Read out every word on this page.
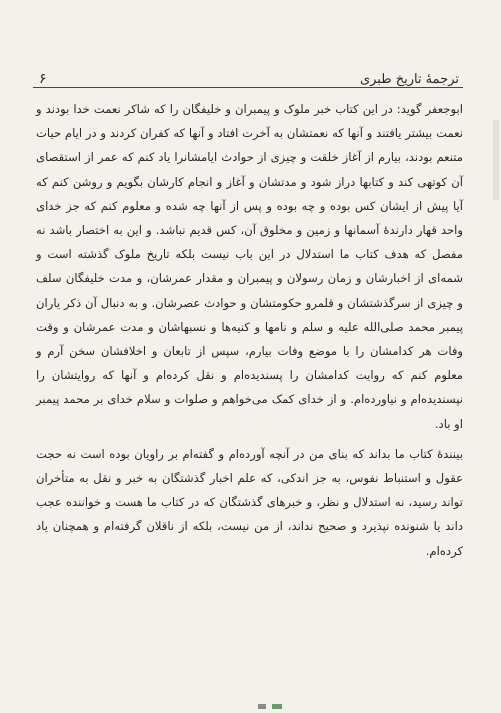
۶	ترجمهٔ تاریخ طبری

ابوجعفر گوید: در این کتاب خبر ملوک و پیمبران و خلیفگان را که شاکر نعمت خدا بودند و نعمت بیشتر یافتند و آنها که نعمتشان به آخرت افتاد و آنها که کفران کردند و در ایام حیات متنعم بودند، بیارم از آغاز خلقت و چیزی از حوادث ایامشانرا یاد کنم که عمر از استقصای آن کوتهی کند و کتابها دراز شود و مدتشان و آغاز و انجام کارشان بگویم و روشن کنم که آیا پیش از ایشان کس بوده و چه بوده و پس از آنها چه شده و معلوم کنم که جز خدای واحد قهار دارندهٔ آسمانها و زمین و مخلوق آن، کس قدیم نباشد. و این به اختصار باشد نه مفصل که هدف کتاب ما استدلال در این باب نیست بلکه تاریخ ملوک گذشته است و شمه‌ای از اخبارشان و زمان رسولان و پیمبران و مقدار عمرشان، و مدت خلیفگان سلف و چیزی از سرگذشتشان و قلمرو حکومتشان و حوادث عصرشان. و به دنبال آن ذکر یاران پیمبر محمد صلی‌الله علیه و سلم و نامها و کنیه‌ها و نسبهاشان و مدت عمرشان و وقت وفات هر کدامشان را با موضع وفات بیارم، سپس از تابعان و اخلافشان سخن آرم و معلوم کنم که روایت کدامشان را پسندیده‌ام و نقل کرده‌ام و آنها که روایتشان را نپسندیده‌ام و نیاورده‌ام. و از خدای کمک می‌خواهم و صلوات و سلام خدای بر محمد پیمبر او باد.

بینندهٔ کتاب ما بداند که بنای من در آنچه آورده‌ام و گفته‌ام بر راویان بوده است نه حجت عقول و استنباط نفوس، به جز اندکی، که علم اخبار گذشتگان به خبر و نقل به متأخران تواند رسید، نه استدلال و نظر، و خبرهای گذشتگان که در کتاب ما هست و خواننده عجب داند یا شنونده نپذیرد و صحیح نداند، از من نیست، بلکه از ناقلان گرفته‌ام و همچنان یاد کرده‌ام.
